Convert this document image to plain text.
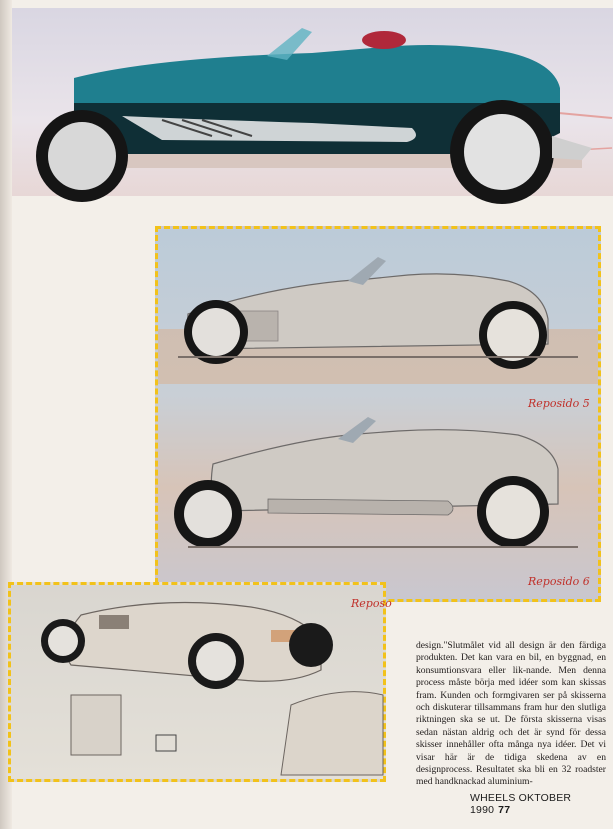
Reposido 5
Reposido 6
Reposo

design."Slutmålet vid all design är den färdiga produkten. Det kan vara en bil, en byggnad, en konsumtionsvara eller lik-nande. Men denna process måste börja med idéer som kan skissas fram. Kunden och formgivaren ser på skisserna och diskuterar tillsammans fram hur den slutliga riktningen ska se ut. De första skisserna visas sedan nästan aldrig och det är synd för dessa skisser innehåller ofta många nya idéer. Det vi visar här är de tidiga skedena av en designprocess. Resultatet ska bli en 32 roadster med handknackad aluminium-

WHEELS OKTOBER 1990 77
